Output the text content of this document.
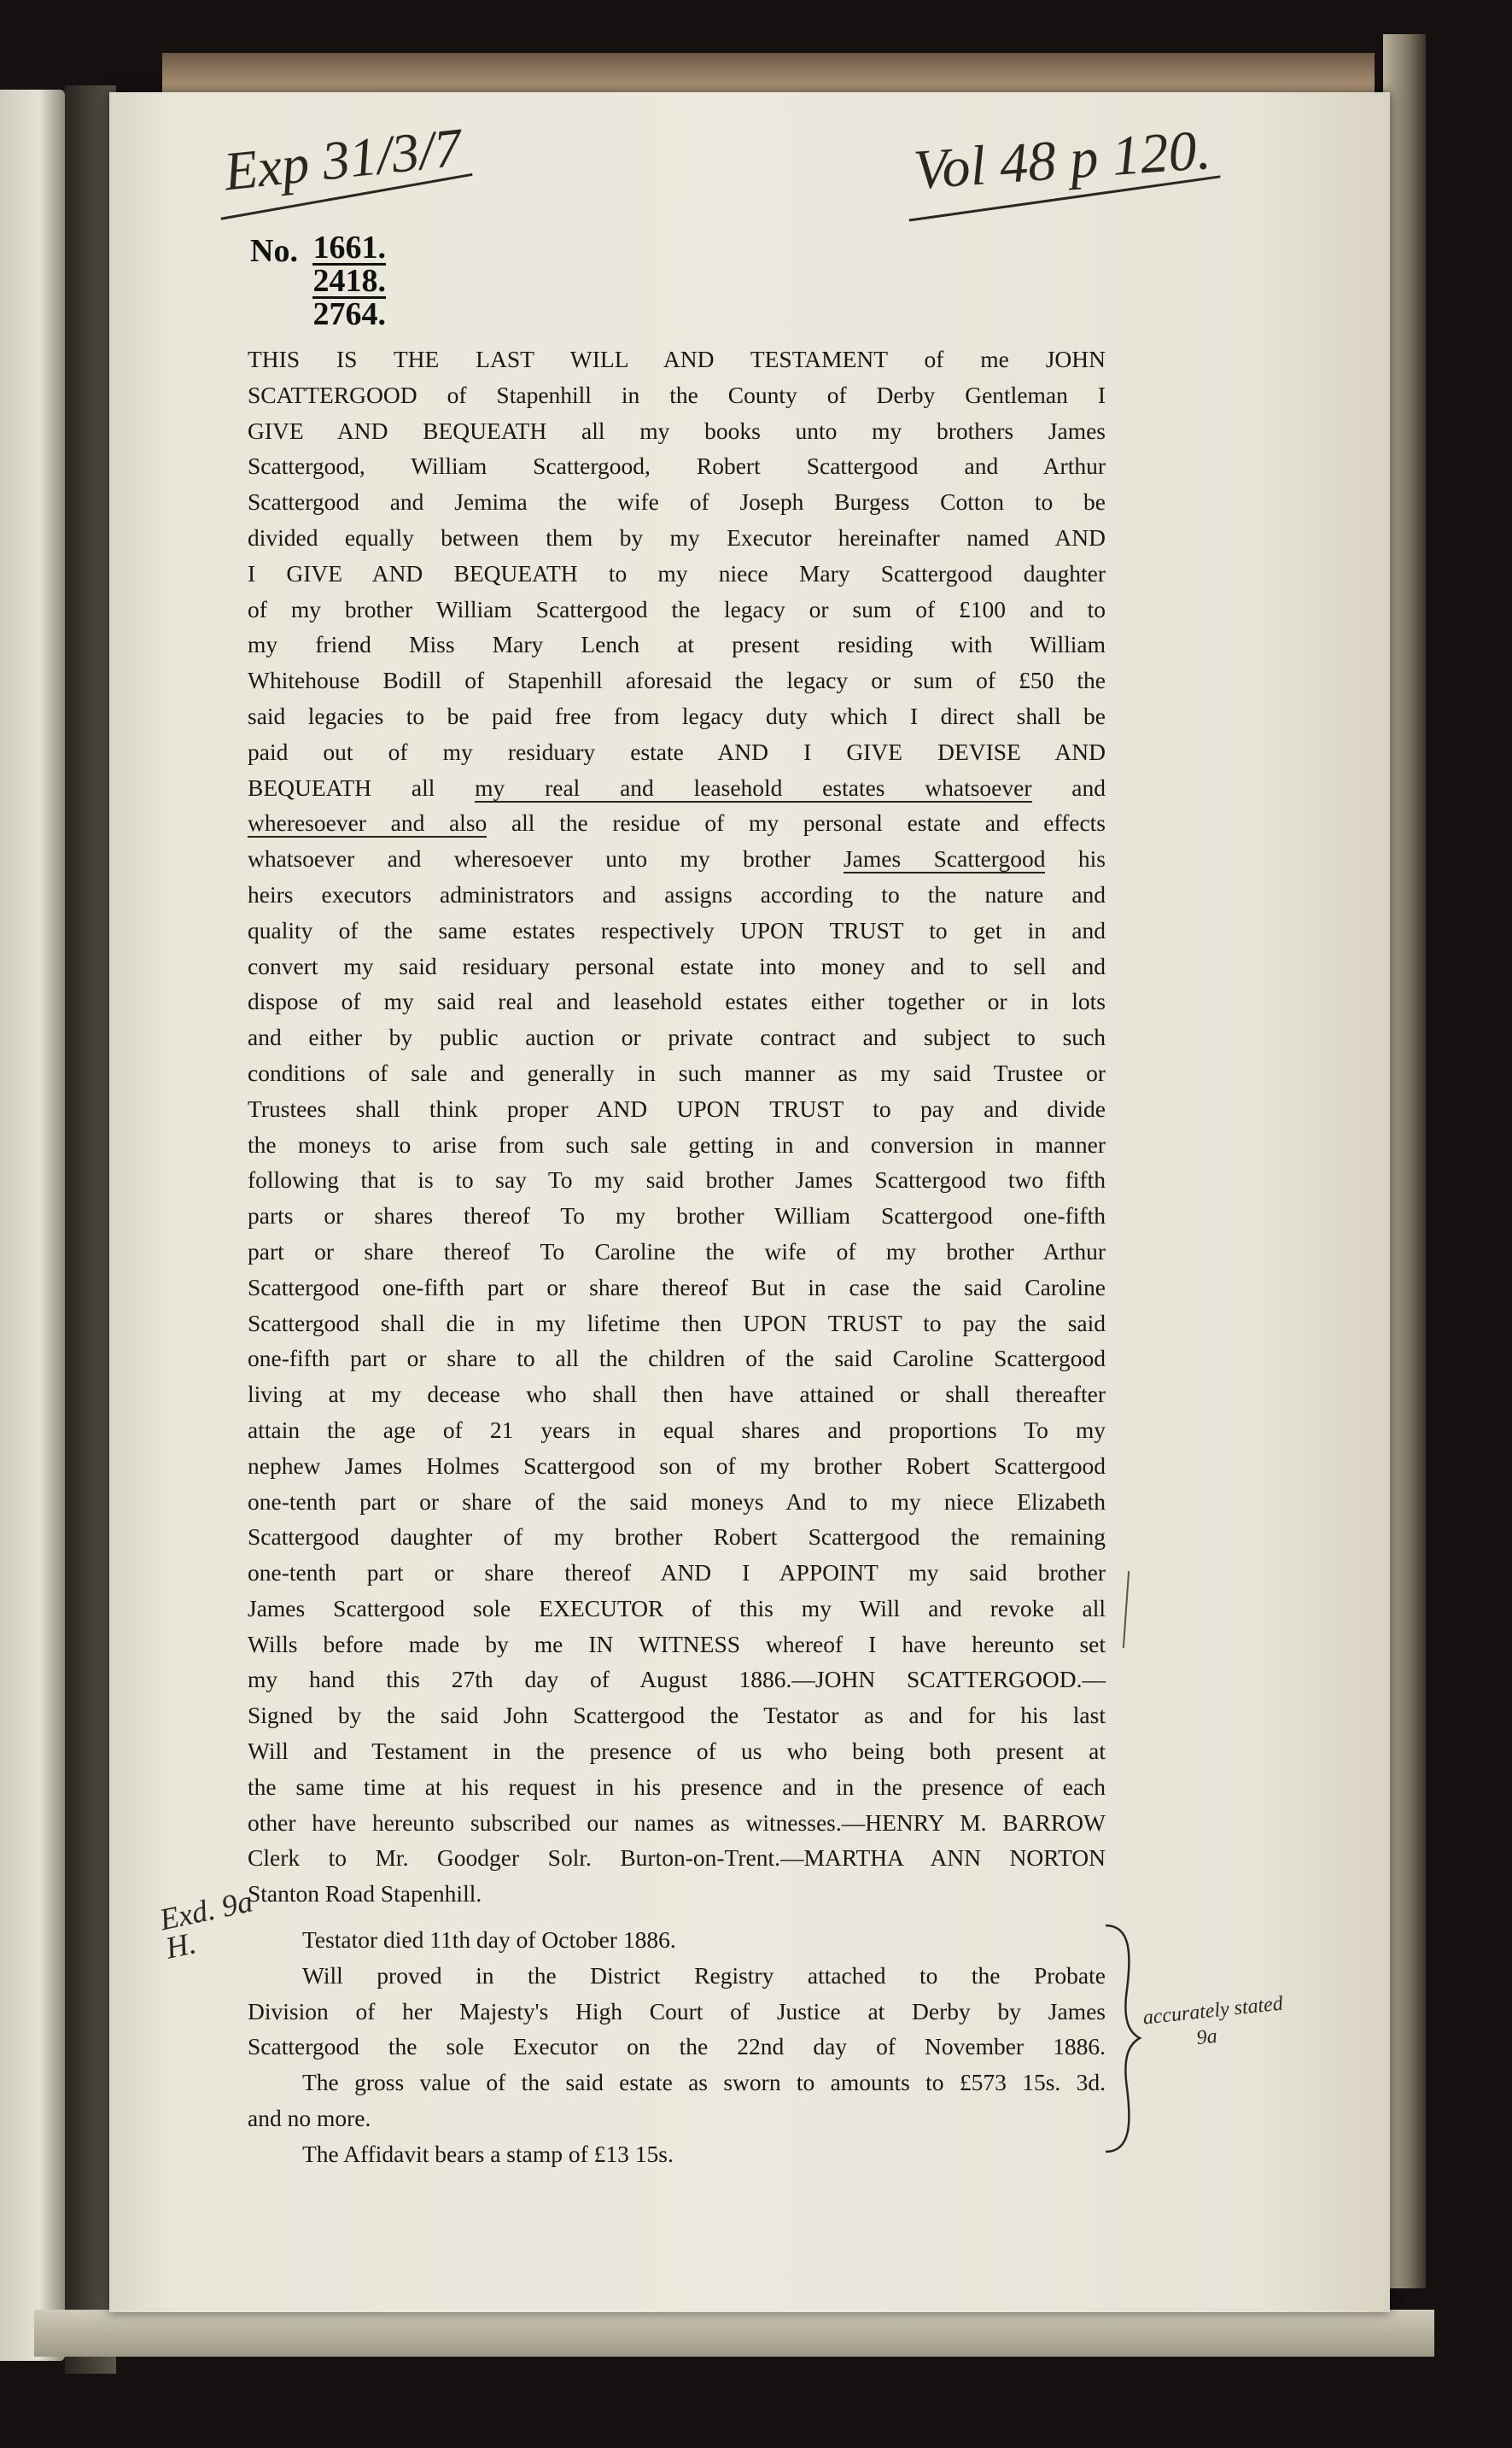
Exp 31/3/7	Vol 48 p 120.
No. 1661.
2418.
2764.
THIS IS THE LAST WILL AND TESTAMENT of me JOHN
SCATTERGOOD of Stapenhill in the County of Derby Gentleman I
GIVE AND BEQUEATH all my books unto my brothers James
Scattergood, William Scattergood, Robert Scattergood and Arthur
Scattergood and Jemima the wife of Joseph Burgess Cotton to be
divided equally between them by my Executor hereinafter named AND
I GIVE AND BEQUEATH to my niece Mary Scattergood daughter
of my brother William Scattergood the legacy or sum of £100 and to
my friend Miss Mary Lench at present residing with William
Whitehouse Bodill of Stapenhill aforesaid the legacy or sum of £50 the
said legacies to be paid free from legacy duty which I direct shall be
paid out of my residuary estate AND I GIVE DEVISE AND
BEQUEATH all my real and leasehold estates whatsoever and
wheresoever and also all the residue of my personal estate and effects
whatsoever and wheresoever unto my brother James Scattergood his
heirs executors administrators and assigns according to the nature and
quality of the same estates respectively UPON TRUST to get in and
convert my said residuary personal estate into money and to sell and
dispose of my said real and leasehold estates either together or in lots
and either by public auction or private contract and subject to such
conditions of sale and generally in such manner as my said Trustee or
Trustees shall think proper AND UPON TRUST to pay and divide
the moneys to arise from such sale getting in and conversion in manner
following that is to say To my said brother James Scattergood two fifth
parts or shares thereof To my brother William Scattergood one-fifth
part or share thereof To Caroline the wife of my brother Arthur
Scattergood one-fifth part or share thereof But in case the said Caroline
Scattergood shall die in my lifetime then UPON TRUST to pay the said
one-fifth part or share to all the children of the said Caroline Scattergood
living at my decease who shall then have attained or shall thereafter
attain the age of 21 years in equal shares and proportions To my
nephew James Holmes Scattergood son of my brother Robert Scattergood
one-tenth part or share of the said moneys And to my niece Elizabeth
Scattergood daughter of my brother Robert Scattergood the remaining
one-tenth part or share thereof AND I APPOINT my said brother
James Scattergood sole EXECUTOR of this my Will and revoke all
Wills before made by me IN WITNESS whereof I have hereunto set
my hand this 27th day of August 1886.—JOHN SCATTERGOOD.—
Signed by the said John Scattergood the Testator as and for his last
Will and Testament in the presence of us who being both present at
the same time at his request in his presence and in the presence of each
other have hereunto subscribed our names as witnesses.—HENRY M. BARROW
Clerk to Mr. Goodger Solr. Burton-on-Trent.—MARTHA ANN NORTON
Stanton Road Stapenhill.
Testator died 11th day of October 1886.
Will proved in the District Registry attached to the Probate
Division of her Majesty's High Court of Justice at Derby by James
Scattergood the sole Executor on the 22nd day of November 1886.
The gross value of the said estate as sworn to amounts to £573 15s. 3d.
and no more.
The Affidavit bears a stamp of £13 15s.
Exd. 9a
H.
accurately stated
9a
